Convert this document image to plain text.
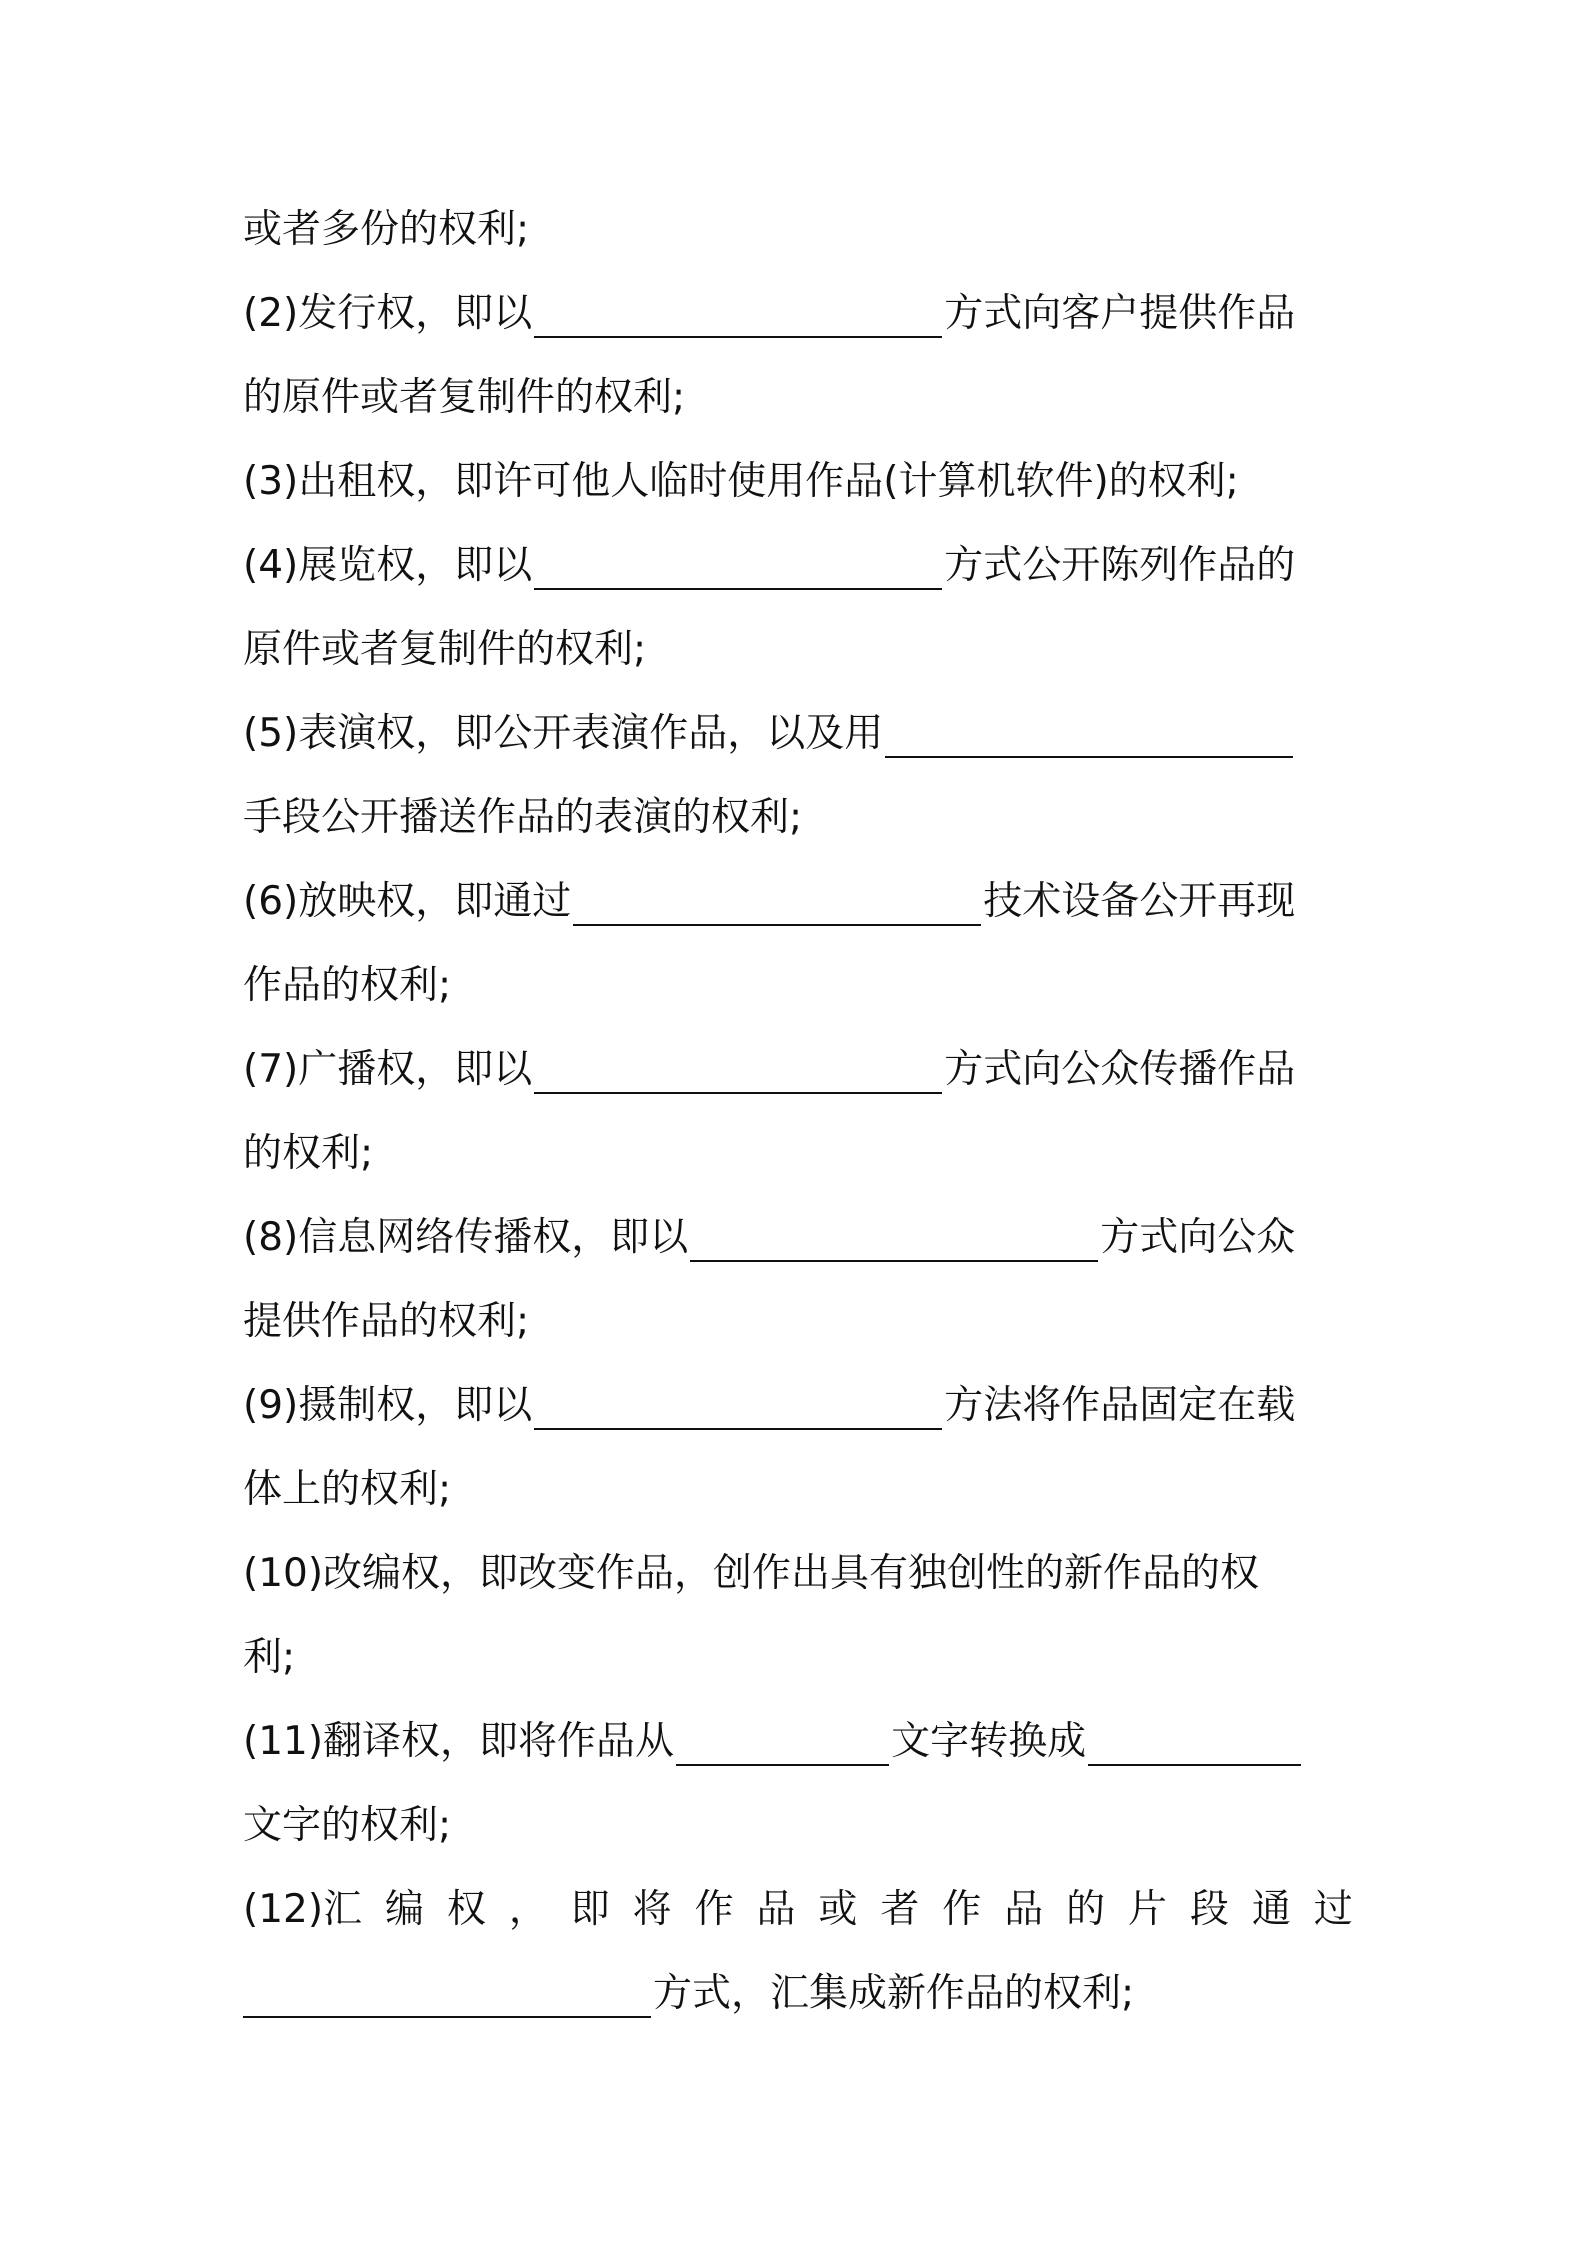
或者多份的权利;
(2)发行权，即以	方式向客户提供作品
的原件或者复制件的权利;
(3)出租权，即许可他人临时使用作品(计算机软件)的权利;
(4)展览权，即以	方式公开陈列作品的
原件或者复制件的权利;
(5)表演权，即公开表演作品，以及用
手段公开播送作品的表演的权利;
(6)放映权，即通过	技术设备公开再现
作品的权利;
(7)广播权，即以	方式向公众传播作品
的权利;
(8)信息网络传播权，即以	方式向公众
提供作品的权利;
(9)摄制权，即以	方法将作品固定在载
体上的权利;
(10)改编权，即改变作品，创作出具有独创性的新作品的权
利;
(11)翻译权，即将作品从	文字转换成
文字的权利;
(12)汇 编 权 ， 即 将 作 品 或 者 作 品 的 片 段 通 过
方式，汇集成新作品的权利;
